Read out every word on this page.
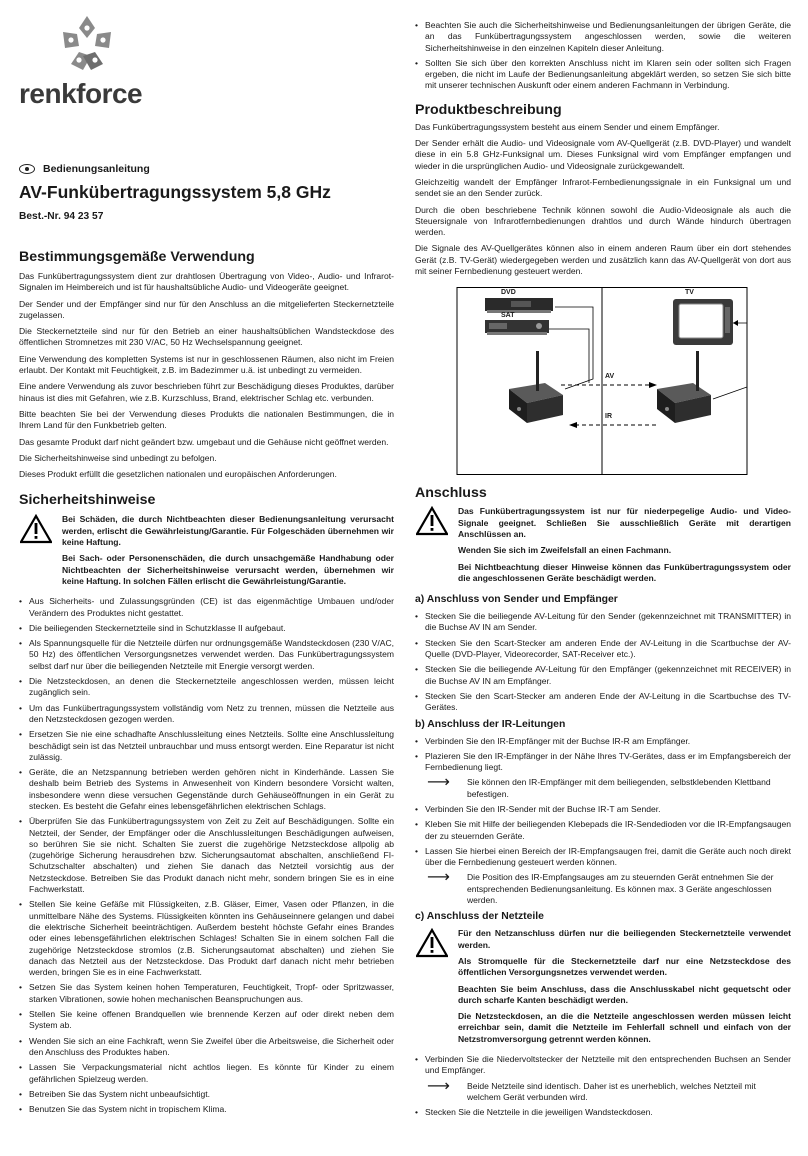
renkforce
Bedienungsanleitung
AV-Funkübertragungssystem 5,8 GHz
Best.-Nr. 94 23 57
Bestimmungsgemäße Verwendung

Das Funkübertragungssystem dient zur drahtlosen Übertragung von Video-, Audio- und Infrarot-Signalen im Heimbereich und ist für haushaltsübliche Audio- und Videogeräte geeignet.

Der Sender und der Empfänger sind nur für den Anschluss an die mitgelieferten Steckernetzteile zugelassen.

Die Steckernetzteile sind nur für den Betrieb an einer haushaltsüblichen Wandsteckdose des öffentlichen Stromnetzes mit 230 V/AC, 50 Hz Wechselspannung geeignet.

Eine Verwendung des kompletten Systems ist nur in geschlossenen Räumen, also nicht im Freien erlaubt. Der Kontakt mit Feuchtigkeit, z.B. im Badezimmer u.ä. ist unbedingt zu vermeiden.

Eine andere Verwendung als zuvor beschrieben führt zur Beschädigung dieses Produktes, darüber hinaus ist dies mit Gefahren, wie z.B. Kurzschluss, Brand, elektrischer Schlag etc. verbunden.

Bitte beachten Sie bei der Verwendung dieses Produkts die nationalen Bestimmungen, die in Ihrem Land für den Funkbetrieb gelten.

Das gesamte Produkt darf nicht geändert bzw. umgebaut und die Gehäuse nicht geöffnet werden.

Die Sicherheitshinweise sind unbedingt zu befolgen.

Dieses Produkt erfüllt die gesetzlichen nationalen und europäischen Anforderungen.

Sicherheitshinweise

Bei Schäden, die durch Nichtbeachten dieser Bedienungsanleitung verursacht werden, erlischt die Gewährleistung/Garantie. Für Folgeschäden übernehmen wir keine Haftung.

Bei Sach- oder Personenschäden, die durch unsachgemäße Handhabung oder Nichtbeachten der Sicherheitshinweise verursacht werden, übernehmen wir keine Haftung. In solchen Fällen erlischt die Gewährleistung/Garantie.

• Aus Sicherheits- und Zulassungsgründen (CE) ist das eigenmächtige Umbauen und/oder Verändern des Produktes nicht gestattet.
• Die beiliegenden Steckernetzteile sind in Schutzklasse II aufgebaut.
• Als Spannungsquelle für die Netzteile dürfen nur ordnungsgemäße Wandsteckdosen (230 V/AC, 50 Hz) des öffentlichen Versorgungsnetzes verwendet werden. Das Funkübertragungssystem selbst darf nur über die beiliegenden Netzteile mit Energie versorgt werden.
• Die Netzsteckdosen, an denen die Steckernetzteile angeschlossen werden, müssen leicht zugänglich sein.
• Um das Funkübertragungssystem vollständig vom Netz zu trennen, müssen die Netzteile aus den Netzsteckdosen gezogen werden.
• Ersetzen Sie nie eine schadhafte Anschlussleitung eines Netzteils. Sollte eine Anschlussleitung beschädigt sein ist das Netzteil unbrauchbar und muss entsorgt werden. Eine Reparatur ist nicht zulässig.
• Geräte, die an Netzspannung betrieben werden gehören nicht in Kinderhände. Lassen Sie deshalb beim Betrieb des Systems in Anwesenheit von Kindern besondere Vorsicht walten, insbesondere wenn diese versuchen Gegenstände durch Gehäuseöffnungen in ein Gerät zu stecken. Es besteht die Gefahr eines lebensgefährlichen elektrischen Schlags.
• Überprüfen Sie das Funkübertragungssystem von Zeit zu Zeit auf Beschädigungen. Sollte ein Netzteil, der Sender, der Empfänger oder die Anschlussleitungen Beschädigungen aufweisen, so berühren Sie sie nicht. Schalten Sie zuerst die zugehörige Netzsteckdose allpolig ab (zugehörige Sicherung herausdrehen bzw. Sicherungsautomat abschalten, anschließend FI-Schutzschalter abschalten) und ziehen Sie danach das Netzteil vorsichtig aus der Netzsteckdose. Betreiben Sie das Produkt danach nicht mehr, sondern bringen Sie es in eine Fachwerkstatt.
• Stellen Sie keine Gefäße mit Flüssigkeiten, z.B. Gläser, Eimer, Vasen oder Pflanzen, in die unmittelbare Nähe des Systems. Flüssigkeiten könnten ins Gehäuseinnere gelangen und dabei die elektrische Sicherheit beeinträchtigen. Außerdem besteht höchste Gefahr eines Brandes oder eines lebensgefährlichen elektrischen Schlages! Schalten Sie in einem solchen Fall die zugehörige Netzsteckdose stromlos (z.B. Sicherungsautomat abschalten) und ziehen Sie danach das Netzteil aus der Netzsteckdose. Das Produkt darf danach nicht mehr betrieben werden, bringen Sie es in eine Fachwerkstatt.
• Setzen Sie das System keinen hohen Temperaturen, Feuchtigkeit, Tropf- oder Spritzwasser, starken Vibrationen, sowie hohen mechanischen Beanspruchungen aus.
• Stellen Sie keine offenen Brandquellen wie brennende Kerzen auf oder direkt neben dem System ab.
• Wenden Sie sich an eine Fachkraft, wenn Sie Zweifel über die Arbeitsweise, die Sicherheit oder den Anschluss des Produktes haben.
• Lassen Sie Verpackungsmaterial nicht achtlos liegen. Es könnte für Kinder zu einem gefährlichen Spielzeug werden.
• Betreiben Sie das System nicht unbeaufsichtigt.
• Benutzen Sie das System nicht in tropischem Klima.
• Beachten Sie auch die Sicherheitshinweise und Bedienungsanleitungen der übrigen Geräte, die an das Funkübertragungssystem angeschlossen werden, sowie die weiteren Sicherheitshinweise in den einzelnen Kapiteln dieser Anleitung.
• Sollten Sie sich über den korrekten Anschluss nicht im Klaren sein oder sollten sich Fragen ergeben, die nicht im Laufe der Bedienungsanleitung abgeklärt werden, so setzen Sie sich bitte mit unserer technischen Auskunft oder einem anderen Fachmann in Verbindung.
Produktbeschreibung

Das Funkübertragungssystem besteht aus einem Sender und einem Empfänger.

Der Sender erhält die Audio- und Videosignale vom AV-Quellgerät (z.B. DVD-Player) und wandelt diese in ein 5.8 GHz-Funksignal um. Dieses Funksignal wird vom Empfänger empfangen und wieder in die ursprünglichen Audio- und Videosignale zurückgewandelt.

Gleichzeitig wandelt der Empfänger Infrarot-Fernbedienungssignale in ein Funksignal um und sendet sie an den Sender zurück.

Durch die oben beschriebene Technik können sowohl die Audio-Videosignale als auch die Steuersignale von Infrarotfernbedienungen drahtlos und durch Wände hindurch übertragen werden.

Die Signale des AV-Quellgerätes können also in einem anderen Raum über ein dort stehendes Gerät (z.B. TV-Gerät) wiedergegeben werden und zusätzlich kann das AV-Quellgerät von dort aus mit seiner Fernbedienung gesteuert werden.

DVD
SAT
TV
AV
IR
Anschluss

Das Funkübertragungssystem ist nur für niederpegelige Audio- und Video-Signale geeignet. Schließen Sie ausschließlich Geräte mit derartigen Anschlüssen an.

Wenden Sie sich im Zweifelsfall an einen Fachmann.

Bei Nichtbeachtung dieser Hinweise können das Funkübertragungssystem oder die angeschlossenen Geräte beschädigt werden.

a) Anschluss von Sender und Empfänger
• Stecken Sie die beiliegende AV-Leitung für den Sender (gekennzeichnet mit TRANSMITTER) in die Buchse AV IN am Sender.
• Stecken Sie den Scart-Stecker am anderen Ende der AV-Leitung in die Scartbuchse der AV-Quelle (DVD-Player, Videorecorder, SAT-Receiver etc.).
• Stecken Sie die beiliegende AV-Leitung für den Empfänger (gekennzeichnet mit RECEIVER) in die Buchse AV IN am Empfänger.
• Stecken Sie den Scart-Stecker am anderen Ende der AV-Leitung in die Scartbuchse des TV-Gerätes.
b) Anschluss der IR-Leitungen
• Verbinden Sie den IR-Empfänger mit der Buchse IR-R am Empfänger.
• Plazieren Sie den IR-Empfänger in der Nähe Ihres TV-Gerätes, dass er im Empfangsbereich der Fernbedienung liegt.
⟶	Sie können den IR-Empfänger mit dem beiliegenden, selbstklebenden Klettband befestigen.
• Verbinden Sie den IR-Sender mit der Buchse IR-T am Sender.
• Kleben Sie mit Hilfe der beiliegenden Klebepads die IR-Sendedioden vor die IR-Empfangsaugen der zu steuernden Geräte.
• Lassen Sie hierbei einen Bereich der IR-Empfangsaugen frei, damit die Geräte auch noch direkt über die Fernbedienung gesteuert werden können.
⟶	Die Position des IR-Empfangsauges am zu steuernden Gerät entnehmen Sie der entsprechenden Bedienungsanleitung. Es können max. 3 Geräte angeschlossen werden.
c) Anschluss der Netzteile

Für den Netzanschluss dürfen nur die beiliegenden Steckernetzteile verwendet werden.

Als Stromquelle für die Steckernetzteile darf nur eine Netzsteckdose des öffentlichen Versorgungsnetzes verwendet werden.

Beachten Sie beim Anschluss, dass die Anschlusskabel nicht gequetscht oder durch scharfe Kanten beschädigt werden.

Die Netzsteckdosen, an die die Netzteile angeschlossen werden müssen leicht erreichbar sein, damit die Netzteile im Fehlerfall schnell und einfach von der Netzstromversorgung getrennt werden können.

• Verbinden Sie die Niedervoltstecker der Netzteile mit den entsprechenden Buchsen an Sender und Empfänger.
⟶	Beide Netzteile sind identisch. Daher ist es unerheblich, welches Netzteil mit welchem Gerät verbunden wird.
• Stecken Sie die Netzteile in die jeweiligen Wandsteckdosen.
